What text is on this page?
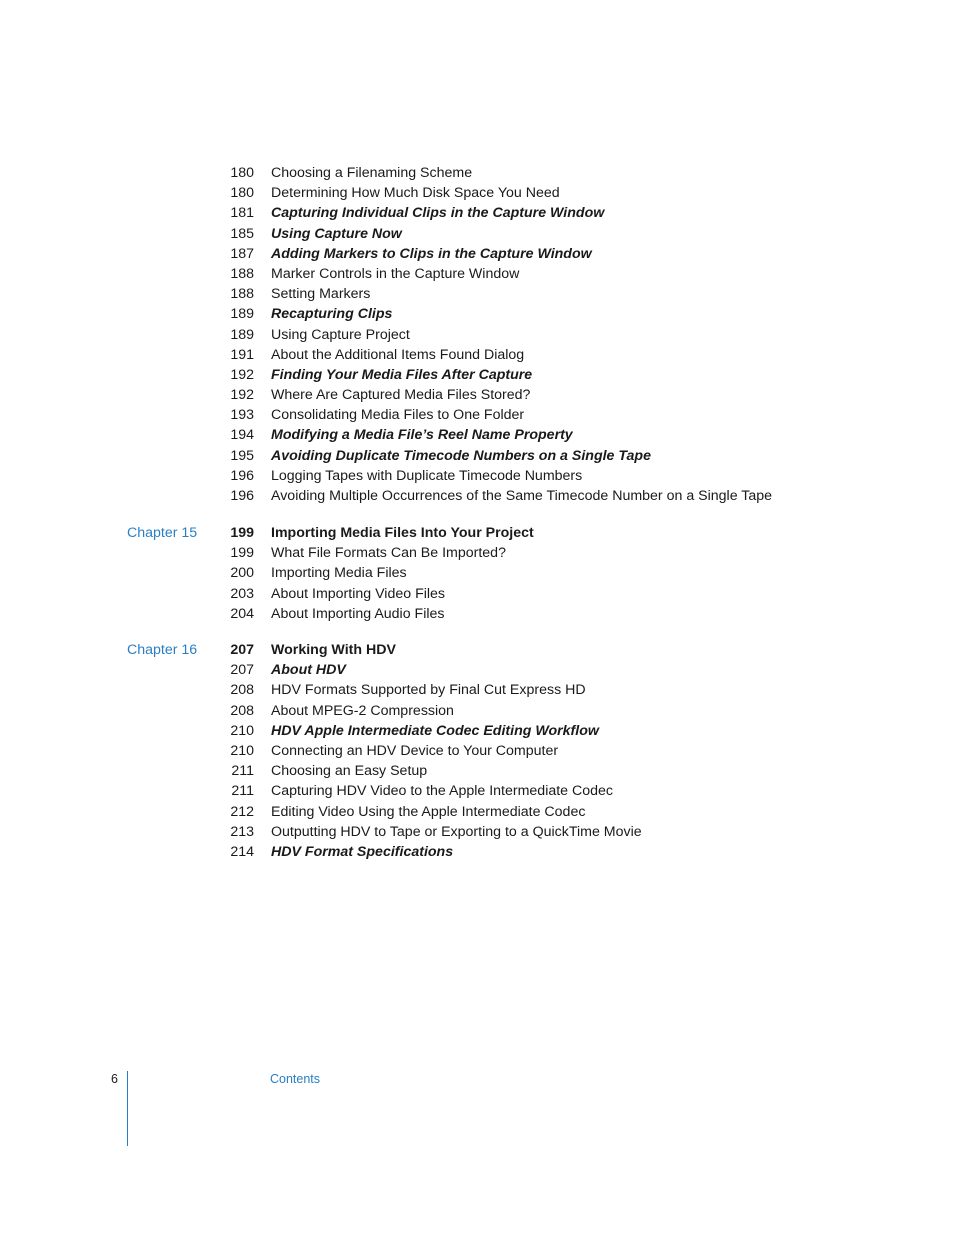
180 Choosing a Filenaming Scheme
180 Determining How Much Disk Space You Need
181 Capturing Individual Clips in the Capture Window
185 Using Capture Now
187 Adding Markers to Clips in the Capture Window
188 Marker Controls in the Capture Window
188 Setting Markers
189 Recapturing Clips
189 Using Capture Project
191 About the Additional Items Found Dialog
192 Finding Your Media Files After Capture
192 Where Are Captured Media Files Stored?
193 Consolidating Media Files to One Folder
194 Modifying a Media File’s Reel Name Property
195 Avoiding Duplicate Timecode Numbers on a Single Tape
196 Logging Tapes with Duplicate Timecode Numbers
196 Avoiding Multiple Occurrences of the Same Timecode Number on a Single Tape
Chapter 15	199 Importing Media Files Into Your Project
199 What File Formats Can Be Imported?
200 Importing Media Files
203 About Importing Video Files
204 About Importing Audio Files
Chapter 16	207 Working With HDV
207 About HDV
208 HDV Formats Supported by Final Cut Express HD
208 About MPEG-2 Compression
210 HDV Apple Intermediate Codec Editing Workflow
210 Connecting an HDV Device to Your Computer
211 Choosing an Easy Setup
211 Capturing HDV Video to the Apple Intermediate Codec
212 Editing Video Using the Apple Intermediate Codec
213 Outputting HDV to Tape or Exporting to a QuickTime Movie
214 HDV Format Specifications
6	Contents
